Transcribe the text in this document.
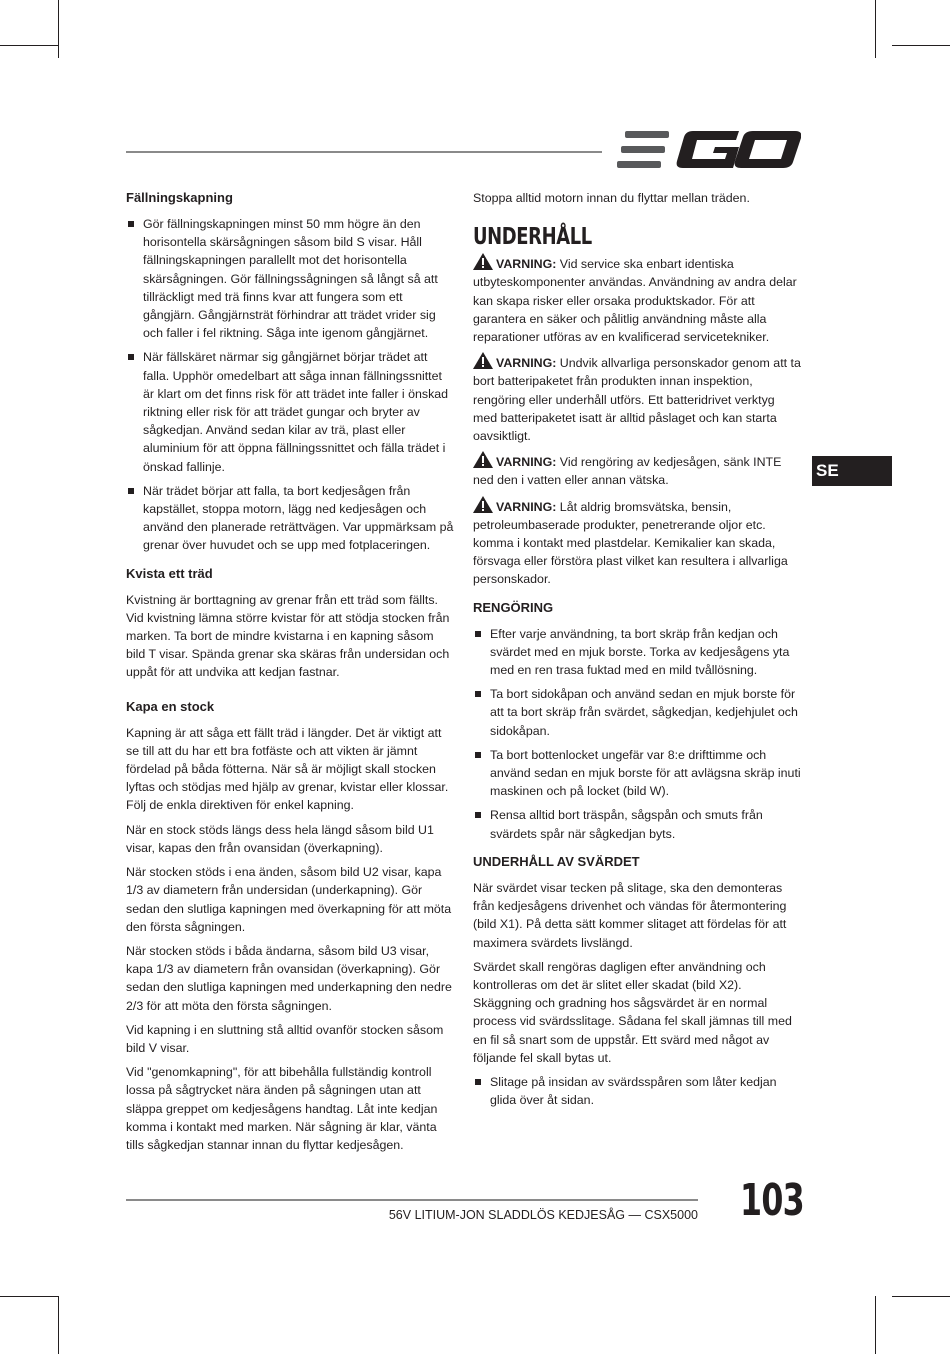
Fällningskapning
Gör fällningskapningen minst 50 mm högre än den horisontella skärsågningen såsom bild S visar. Håll fällningskapningen parallellt mot det horisontella skärsågningen. Gör fällningssågningen så långt så att tillräckligt med trä finns kvar att fungera som ett gångjärn. Gångjärnsträt förhindrar att trädet vrider sig och faller i fel riktning. Såga inte igenom gångjärnet.
När fällskäret närmar sig gångjärnet börjar trädet att falla. Upphör omedelbart att såga innan fällningssnittet är klart om det finns risk för att trädet inte faller i önskad riktning eller risk för att trädet gungar och bryter av sågkedjan. Använd sedan kilar av trä, plast eller aluminium för att öppna fällningssnittet och fälla trädet i önskad fallinje.
När trädet börjar att falla, ta bort kedjesågen från kapstället, stoppa motorn, lägg ned kedjesågen och använd den planerade reträttvägen. Var uppmärksam på grenar över huvudet och se upp med fotplaceringen.
Kvista ett träd

Kvistning är borttagning av grenar från ett träd som fällts. Vid kvistning lämna större kvistar för att stödja stocken från marken. Ta bort de mindre kvistarna i en kapning såsom bild T visar. Spända grenar ska skäras från undersidan och uppåt för att undvika att kedjan fastnar.

Kapa en stock

Kapning är att såga ett fällt träd i längder. Det är viktigt att se till att du har ett bra fotfäste och att vikten är jämnt fördelad på båda fötterna. När så är möjligt skall stocken lyftas och stödjas med hjälp av grenar, kvistar eller klossar. Följ de enkla direktiven för enkel kapning.

När en stock stöds längs dess hela längd såsom bild U1 visar, kapas den från ovansidan (överkapning).

När stocken stöds i ena änden, såsom bild U2 visar, kapa 1/3 av diametern från undersidan (underkapning). Gör sedan den slutliga kapningen med överkapning för att möta den första sågningen.

När stocken stöds i båda ändarna, såsom bild U3 visar, kapa 1/3 av diametern från ovansidan (överkapning). Gör sedan den slutliga kapningen med underkapning den nedre 2/3 för att möta den första sågningen.

Vid kapning i en sluttning stå alltid ovanför stocken såsom bild V visar.

Vid "genomkapning", för att bibehålla fullständig kontroll lossa på sågtrycket nära änden på sågningen utan att släppa greppet om kedjesågens handtag. Låt inte kedjan komma i kontakt med marken. När sågning är klar, vänta tills sågkedjan stannar innan du flyttar kedjesågen.

Stoppa alltid motorn innan du flyttar mellan träden.

UNDERHÅLL

VARNING: Vid service ska enbart identiska utbyteskomponenter användas. Användning av andra delar kan skapa risker eller orsaka produktskador. För att garantera en säker och pålitlig användning måste alla reparationer utföras av en kvalificerad servicetekniker.

VARNING: Undvik allvarliga personskador genom att ta bort batteripaketet från produkten innan inspektion, rengöring eller underhåll utförs. Ett batteridrivet verktyg med batteripaketet isatt är alltid påslaget och kan starta oavsiktligt.

VARNING: Vid rengöring av kedjesågen, sänk INTE ned den i vatten eller annan vätska.

VARNING: Låt aldrig bromsvätska, bensin, petroleumbaserade produkter, penetrerande oljor etc. komma i kontakt med plastdelar. Kemikalier kan skada, försvaga eller förstöra plast vilket kan resultera i allvarliga personskador.

RENGÖRING
Efter varje användning, ta bort skräp från kedjan och svärdet med en mjuk borste. Torka av kedjesågens yta med en ren trasa fuktad med en mild tvållösning.
Ta bort sidokåpan och använd sedan en mjuk borste för att ta bort skräp från svärdet, sågkedjan, kedjehjulet och sidokåpan.
Ta bort bottenlocket ungefär var 8:e drifttimme och använd sedan en mjuk borste för att avlägsna skräp inuti maskinen och på locket (bild W).
Rensa alltid bort träspån, sågspån och smuts från svärdets spår när sågkedjan byts.
UNDERHÅLL AV SVÄRDET

När svärdet visar tecken på slitage, ska den demonteras från kedjesågens drivenhet och vändas för återmontering (bild X1). På detta sätt kommer slitaget att fördelas för att maximera svärdets livslängd.

Svärdet skall rengöras dagligen efter användning och kontrolleras om det är slitet eller skadat (bild X2). Skäggning och gradning hos sågsvärdet är en normal process vid svärdsslitage. Sådana fel skall jämnas till med en fil så snart som de uppstår. Ett svärd med något av följande fel skall bytas ut.

Slitage på insidan av svärdsspåren som låter kedjan glida över åt sidan.
SE
56V LITIUM-JON SLADDLÖS KEDJESÅG — CSX5000 103
